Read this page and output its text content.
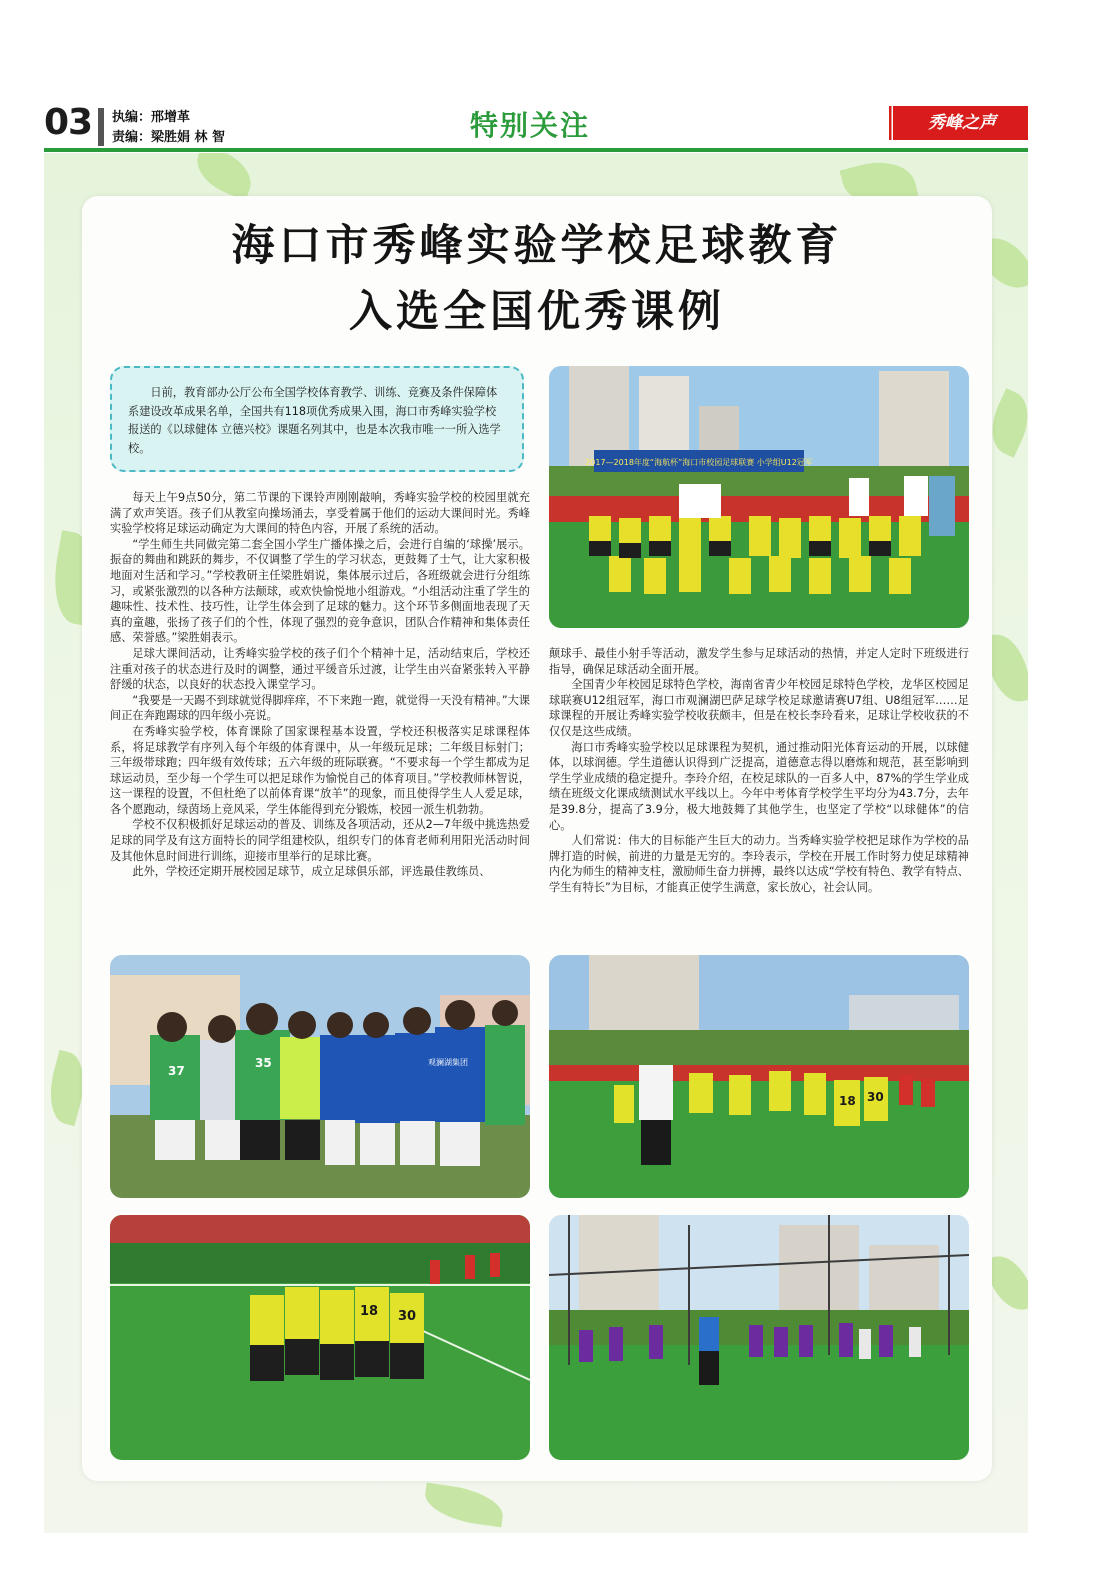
03 执编：邢增革
责编：梁胜娟 林 智	特别关注	秀峰之声
海口市秀峰实验学校足球教育
入选全国优秀课例
日前，教育部办公厅公布全国学校体育教学、训练、竞赛及条件保障体系建设改革成果名单，全国共有118项优秀成果入围，海口市秀峰实验学校报送的《以球健体 立德兴校》课题名列其中，也是本次我市唯一一所入选学校。

每天上午9点50分，第二节课的下课铃声刚刚敲响，秀峰实验学校的校园里就充满了欢声笑语。孩子们从教室向操场涌去，享受着属于他们的运动大课间时光。秀峰实验学校将足球运动确定为大课间的特色内容，开展了系统的活动。

“学生师生共同做完第二套全国小学生广播体操之后，会进行自编的‘球操’展示。振奋的舞曲和跳跃的舞步，不仅调整了学生的学习状态，更鼓舞了士气，让大家积极地面对生活和学习。”学校教研主任梁胜娟说，集体展示过后，各班级就会进行分组练习，或紧张激烈的以各种方法颠球，或欢快愉悦地小组游戏。“小组活动注重了学生的趣味性、技术性、技巧性，让学生体会到了足球的魅力。这个环节多侧面地表现了天真的童趣，张扬了孩子们的个性，体现了强烈的竞争意识，团队合作精神和集体责任感、荣誉感。”梁胜娟表示。

足球大课间活动，让秀峰实验学校的孩子们个个精神十足，活动结束后，学校还注重对孩子的状态进行及时的调整，通过平缓音乐过渡，让学生由兴奋紧张转入平静舒缓的状态，以良好的状态投入课堂学习。

“我要是一天踢不到球就觉得脚痒痒，不下来跑一跑，就觉得一天没有精神。”大课间正在奔跑踢球的四年级小亮说。

在秀峰实验学校，体育课除了国家课程基本设置，学校还积极落实足球课程体系，将足球教学有序列入每个年级的体育课中，从一年级玩足球；二年级目标射门；三年级带球跑；四年级有效传球；五六年级的班际联赛。“不要求每一个学生都成为足球运动员，至少每一个学生可以把足球作为愉悦自己的体育项目。”学校教师林智说，这一课程的设置，不但杜绝了以前体育课“放羊”的现象，而且使得学生人人爱足球，各个愿跑动，绿茵场上竞风采，学生体能得到充分锻炼，校园一派生机勃勃。

学校不仅积极抓好足球运动的普及、训练及各项活动，还从2—7年级中挑选热爱足球的同学及有这方面特长的同学组建校队，组织专门的体育老师利用阳光活动时间及其他休息时间进行训练，迎接市里举行的足球比赛。

此外，学校还定期开展校园足球节，成立足球俱乐部，评选最佳教练员、

颠球手、最佳小射手等活动，激发学生参与足球活动的热情，并定人定时下班级进行指导，确保足球活动全面开展。

全国青少年校园足球特色学校，海南省青少年校园足球特色学校，龙华区校园足球联赛U12组冠军，海口市观澜湖巴萨足球学校足球邀请赛U7组、U8组冠军……足球课程的开展让秀峰实验学校收获颇丰，但是在校长李玲看来，足球让学校收获的不仅仅是这些成绩。

海口市秀峰实验学校以足球课程为契机，通过推动阳光体育运动的开展，以球健体，以球润德。学生道德认识得到广泛提高，道德意志得以磨炼和规范，甚至影响到学生学业成绩的稳定提升。李玲介绍，在校足球队的一百多人中，87%的学生学业成绩在班级文化课成绩测试水平线以上。今年中考体育学校学生平均分为43.7分，去年是39.8分，提高了3.9分，极大地鼓舞了其他学生，也坚定了学校“以球健体”的信心。

人们常说：伟大的目标能产生巨大的动力。当秀峰实验学校把足球作为学校的品牌打造的时候，前进的力量是无穷的。李玲表示，学校在开展工作时努力使足球精神内化为师生的精神支柱，激励师生奋力拼搏，最终以达成“学校有特色、教学有特点、学生有特长”为目标，才能真正使学生满意，家长放心，社会认同。

2017—2018年度“海航杯”海口市校园足球联赛 小学组U12冠军
37
35	观澜湖集团
18 30
18 30
